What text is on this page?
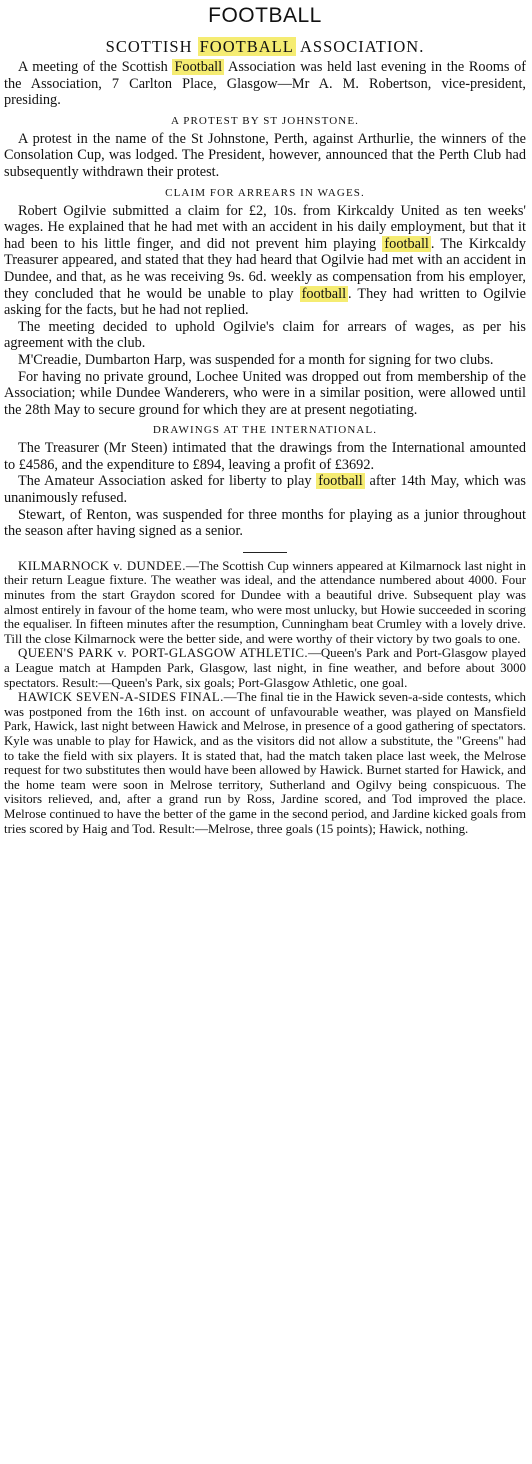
FOOTBALL
SCOTTISH FOOTBALL ASSOCIATION.

A meeting of the Scottish Football Association was held last evening in the Rooms of the Association, 7 Carlton Place, Glasgow—Mr A. M. Robertson, vice-president, presiding.

A PROTEST BY ST JOHNSTONE.

A protest in the name of the St Johnstone, Perth, against Arthurlie, the winners of the Consolation Cup, was lodged. The President, however, announced that the Perth Club had subsequently withdrawn their protest.

CLAIM FOR ARREARS IN WAGES.

Robert Ogilvie submitted a claim for £2, 10s. from Kirkcaldy United as ten weeks' wages. He explained that he had met with an accident in his daily employment, but that it had been to his little finger, and did not prevent him playing football . The Kirkcaldy Treasurer appeared, and stated that they had heard that Ogilvie had met with an accident in Dundee, and that, as he was receiving 9s. 6d. weekly as compensation from his employer, they concluded that he would be unable to play football . They had written to Ogilvie asking for the facts, but he had not replied.

The meeting decided to uphold Ogilvie's claim for arrears of wages, as per his agreement with the club.

M'Creadie, Dumbarton Harp, was suspended for a month for signing for two clubs.

For having no private ground, Lochee United was dropped out from membership of the Association; while Dundee Wanderers, who were in a similar position, were allowed until the 28th May to secure ground for which they are at present negotiating.

DRAWINGS AT THE INTERNATIONAL.

The Treasurer (Mr Steen) intimated that the drawings from the International amounted to £4586, and the expenditure to £894, leaving a profit of £3692.

The Amateur Association asked for liberty to play football after 14th May, which was unanimously refused.

Stewart, of Renton, was suspended for three months for playing as a junior throughout the season after having signed as a senior.

KILMARNOCK v. DUNDEE.—The Scottish Cup winners appeared at Kilmarnock last night in their return League fixture. The weather was ideal, and the attendance numbered about 4000. Four minutes from the start Graydon scored for Dundee with a beautiful drive. Subsequent play was almost entirely in favour of the home team, who were most unlucky, but Howie succeeded in scoring the equaliser. In fifteen minutes after the resumption, Cunningham beat Crumley with a lovely drive. Till the close Kilmarnock were the better side, and were worthy of their victory by two goals to one.

QUEEN'S PARK v. PORT-GLASGOW ATHLETIC.—Queen's Park and Port-Glasgow played a League match at Hampden Park, Glasgow, last night, in fine weather, and before about 3000 spectators. Result:—Queen's Park, six goals; Port-Glasgow Athletic, one goal.

HAWICK SEVEN-A-SIDES FINAL.—The final tie in the Hawick seven-a-side contests, which was postponed from the 16th inst. on account of unfavourable weather, was played on Mansfield Park, Hawick, last night between Hawick and Melrose, in presence of a good gathering of spectators. Kyle was unable to play for Hawick, and as the visitors did not allow a substitute, the "Greens" had to take the field with six players. It is stated that, had the match taken place last week, the Melrose request for two substitutes then would have been allowed by Hawick. Burnet started for Hawick, and the home team were soon in Melrose territory, Sutherland and Ogilvy being conspicuous. The visitors relieved, and, after a grand run by Ross, Jardine scored, and Tod improved the place. Melrose continued to have the better of the game in the second period, and Jardine kicked goals from tries scored by Haig and Tod. Result:—Melrose, three goals (15 points); Hawick, nothing.
